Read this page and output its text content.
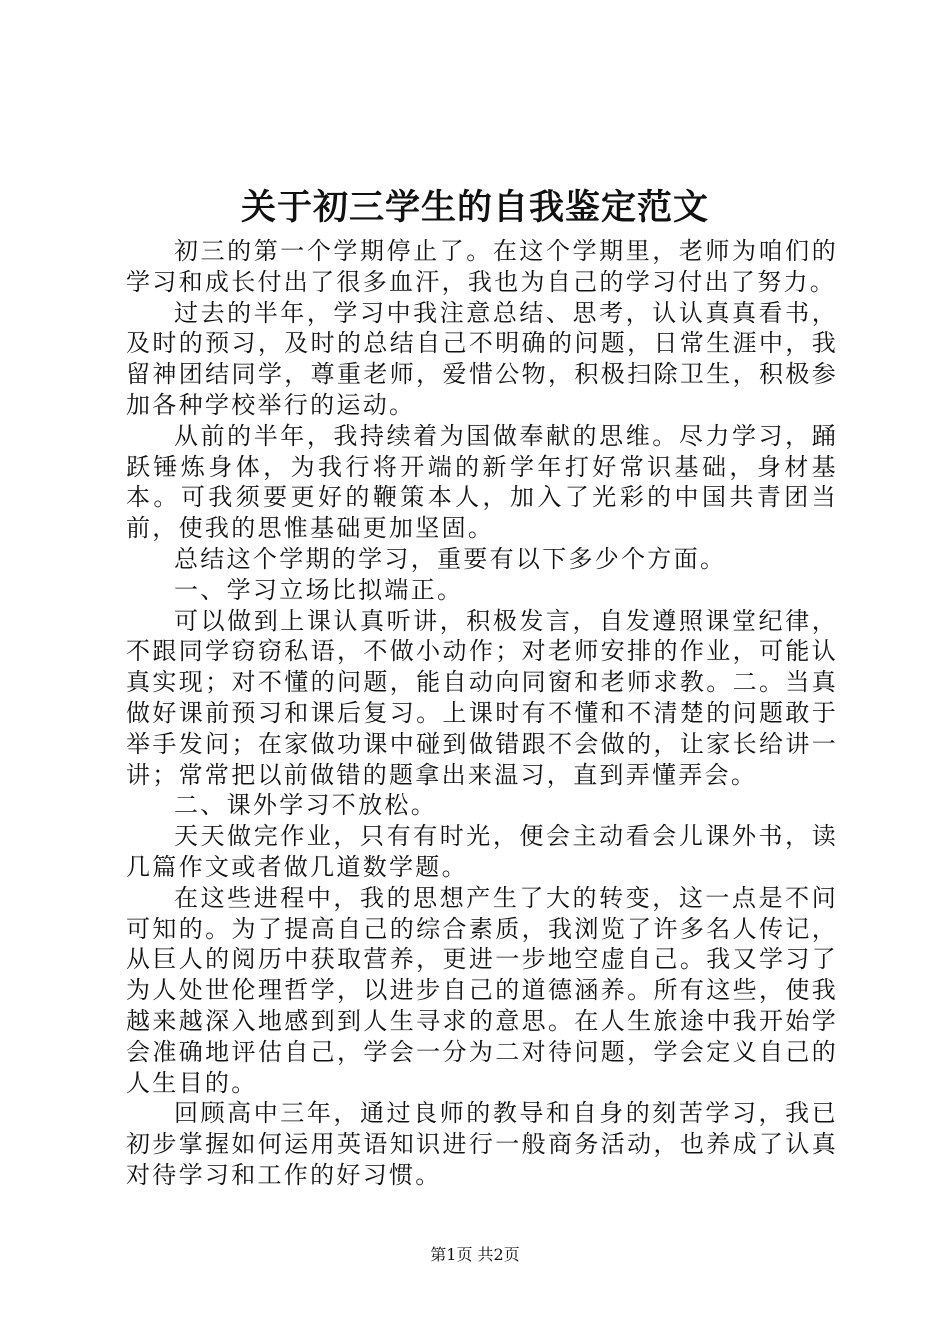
关于初三学生的自我鉴定范文

初三的第一个学期停止了。在这个学期里，老师为咱们的学习和成长付出了很多血汗，我也为自己的学习付出了努力。

过去的半年，学习中我注意总结、思考，认认真真看书，及时的预习，及时的总结自己不明确的问题，日常生涯中，我留神团结同学，尊重老师，爱惜公物，积极扫除卫生，积极参加各种学校举行的运动。

从前的半年，我持续着为国做奉献的思维。尽力学习，踊跃锤炼身体，为我行将开端的新学年打好常识基础，身材基本。可我须要更好的鞭策本人，加入了光彩的中国共青团当前，使我的思惟基础更加坚固。

总结这个学期的学习，重要有以下多少个方面。

一、学习立场比拟端正。

可以做到上课认真听讲，积极发言，自发遵照课堂纪律，不跟同学窃窃私语，不做小动作；对老师安排的作业，可能认真实现；对不懂的问题，能自动向同窗和老师求教。二。当真做好课前预习和课后复习。上课时有不懂和不清楚的问题敢于举手发问；在家做功课中碰到做错跟不会做的，让家长给讲一讲；常常把以前做错的题拿出来温习，直到弄懂弄会。

二、课外学习不放松。

天天做完作业，只有有时光，便会主动看会儿课外书，读几篇作文或者做几道数学题。

在这些进程中，我的思想产生了大的转变，这一点是不问可知的。为了提高自己的综合素质，我浏览了许多名人传记，从巨人的阅历中获取营养，更进一步地空虚自己。我又学习了为人处世伦理哲学，以进步自己的道德涵养。所有这些，使我越来越深入地感到到人生寻求的意思。在人生旅途中我开始学会准确地评估自己，学会一分为二对待问题，学会定义自己的人生目的。

回顾高中三年，通过良师的教导和自身的刻苦学习，我已初步掌握如何运用英语知识进行一般商务活动，也养成了认真对待学习和工作的好习惯。

第1页 共2页
